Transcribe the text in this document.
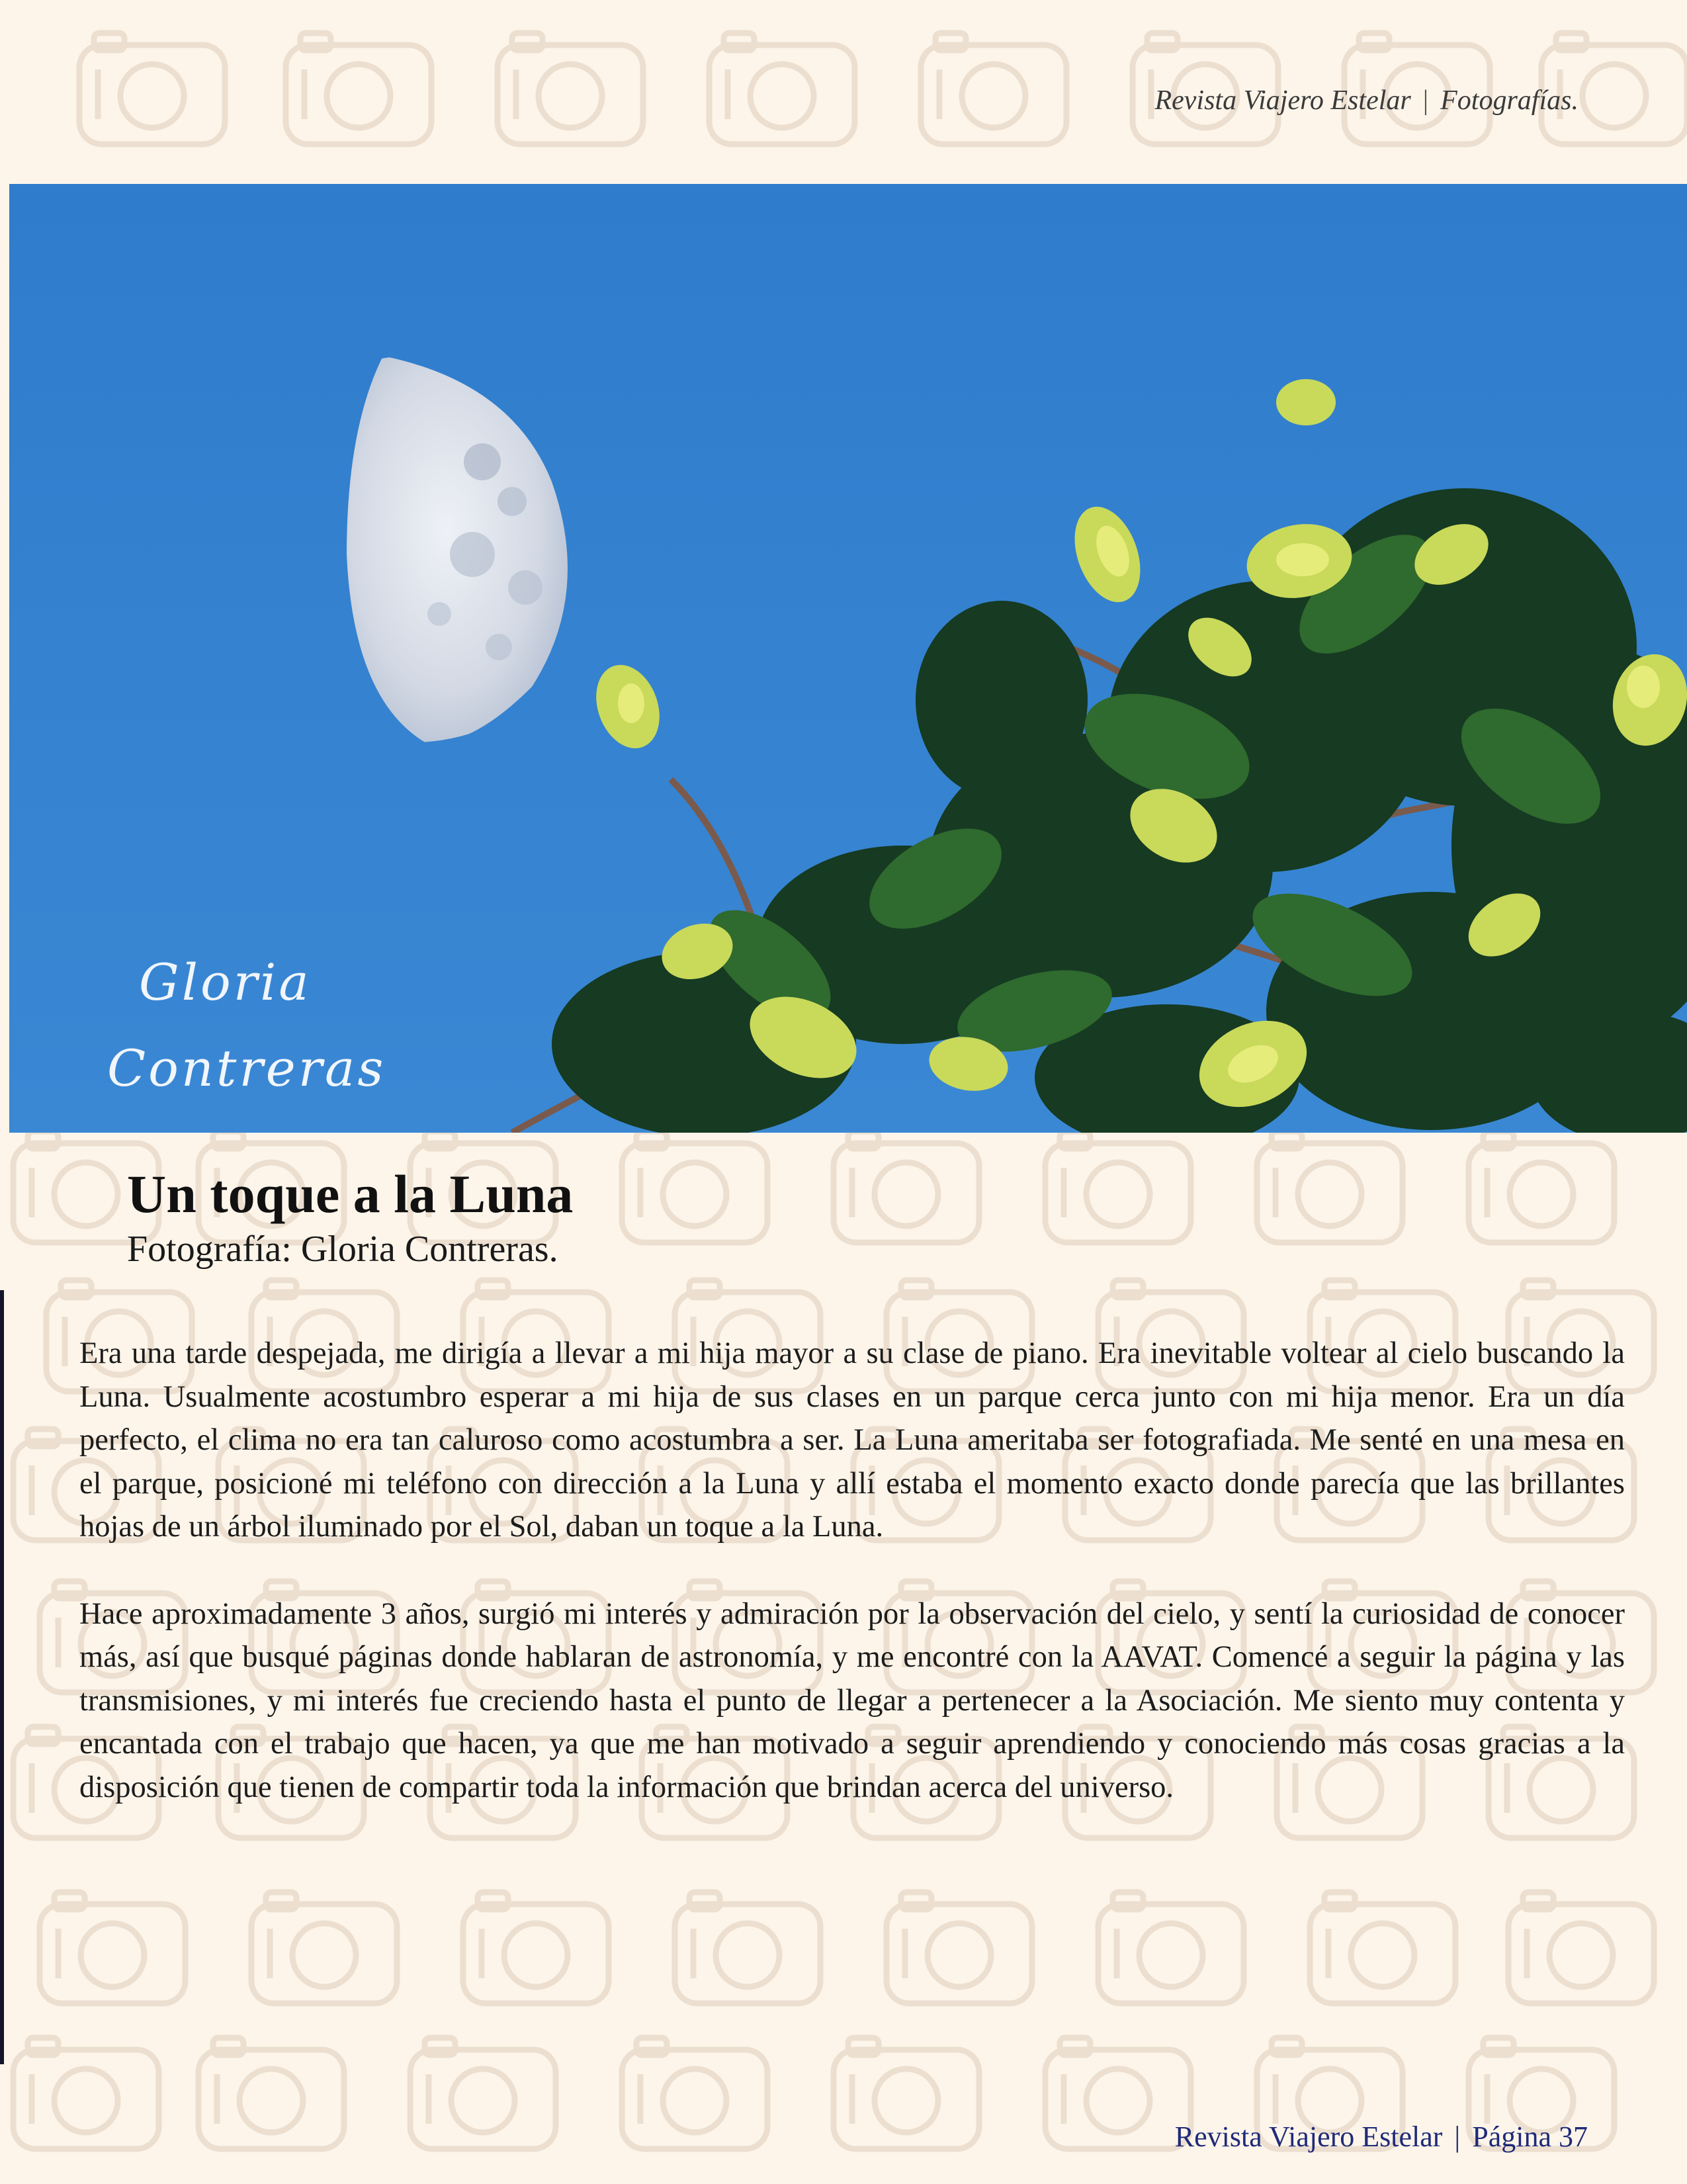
Revista Viajero Estelar | Fotografías.
Gloria
Contreras
Un toque a la Luna
Fotografía: Gloria Contreras.

Era una tarde despejada, me dirigía a llevar a mi hija mayor a su clase de piano. Era inevitable voltear al cielo buscando la Luna. Usualmente acostumbro esperar a mi hija de sus clases en un parque cerca junto con mi hija menor. Era un día perfecto, el clima no era tan caluroso como acostumbra a ser. La Luna ameritaba ser fotografiada. Me senté en una mesa en el parque, posicioné mi teléfono con dirección a la Luna y allí estaba el momento exacto donde parecía que las brillantes hojas de un árbol iluminado por el Sol, daban un toque a la Luna.

Hace aproximadamente 3 años, surgió mi interés y admiración por la observación del cielo, y sentí la curiosidad de conocer más, así que busqué páginas donde hablaran de astronomía, y me encontré con la AAVAT. Comencé a seguir la página y las transmisiones, y mi interés fue creciendo hasta el punto de llegar a pertenecer a la Asociación. Me siento muy contenta y encantada con el trabajo que hacen, ya que me han motivado a seguir aprendiendo y conociendo más cosas gracias a la disposición que tienen de compartir toda la información que brindan acerca del universo.

Revista Viajero Estelar | Página 37
